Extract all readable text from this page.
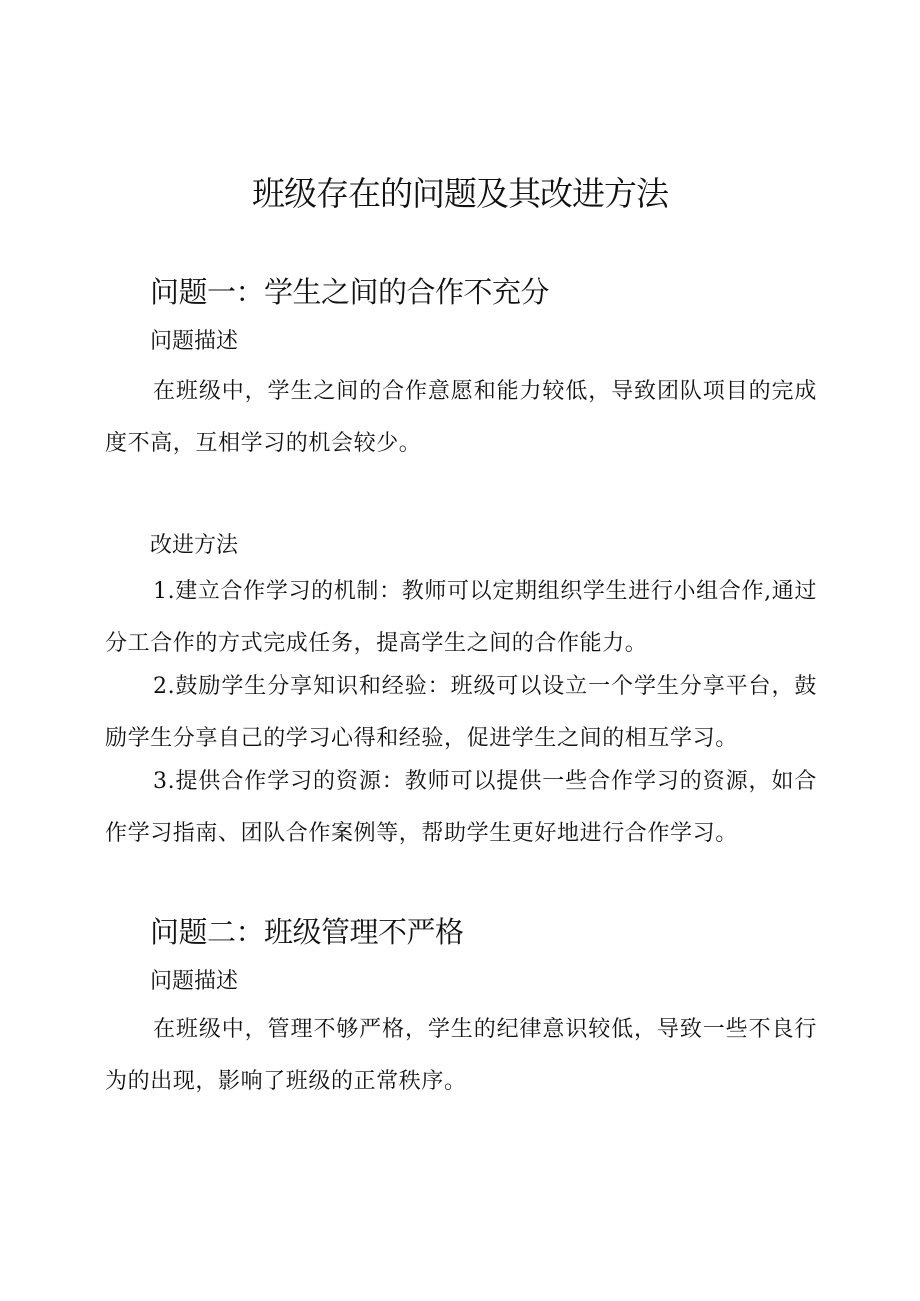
班级存在的问题及其改进方法
问题一：学生之间的合作不充分
问题描述

在班级中，学生之间的合作意愿和能力较低，导致团队项目的完成度不高，互相学习的机会较少。

改进方法

1.建立合作学习的机制：教师可以定期组织学生进行小组合作,通过分工合作的方式完成任务，提高学生之间的合作能力。

2.鼓励学生分享知识和经验：班级可以设立一个学生分享平台，鼓励学生分享自己的学习心得和经验，促进学生之间的相互学习。

3.提供合作学习的资源：教师可以提供一些合作学习的资源，如合作学习指南、团队合作案例等，帮助学生更好地进行合作学习。

问题二：班级管理不严格
问题描述

在班级中，管理不够严格，学生的纪律意识较低，导致一些不良行为的出现，影响了班级的正常秩序。
